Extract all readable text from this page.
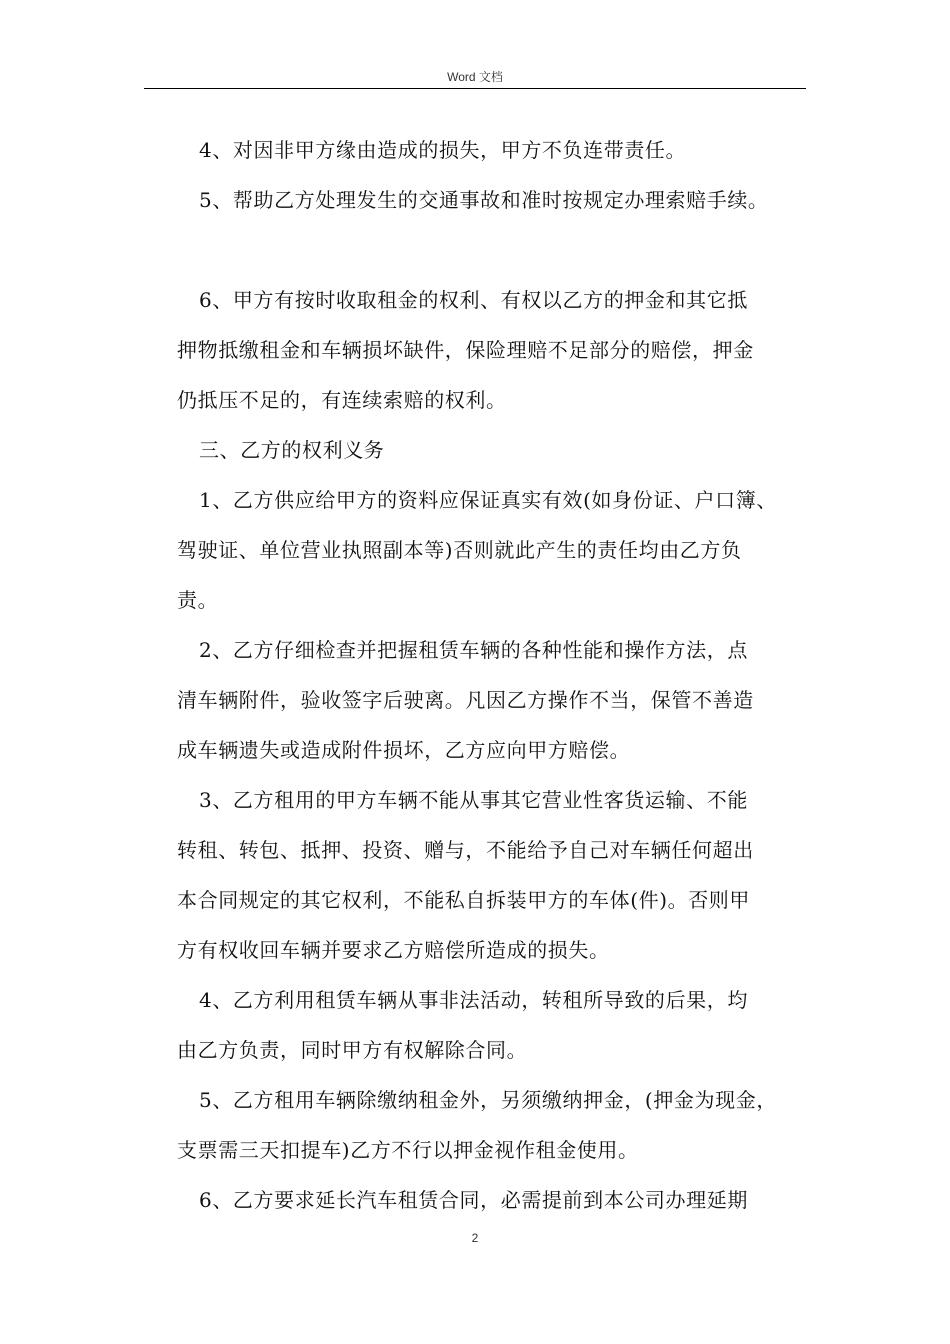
Word 文档
4、对因非甲方缘由造成的损失，甲方不负连带责任。
5、帮助乙方处理发生的交通事故和准时按规定办理索赔手续。
6、甲方有按时收取租金的权利、有权以乙方的押金和其它抵
押物抵缴租金和车辆损坏缺件，保险理赔不足部分的赔偿，押金
仍抵压不足的，有连续索赔的权利。
三、乙方的权利义务
1、乙方供应给甲方的资料应保证真实有效(如身份证、户口簿、
驾驶证、单位营业执照副本等)否则就此产生的责任均由乙方负
责。
2、乙方仔细检查并把握租赁车辆的各种性能和操作方法，点
清车辆附件，验收签字后驶离。凡因乙方操作不当，保管不善造
成车辆遗失或造成附件损坏，乙方应向甲方赔偿。
3、乙方租用的甲方车辆不能从事其它营业性客货运输、不能
转租、转包、抵押、投资、赠与，不能给予自己对车辆任何超出
本合同规定的其它权利，不能私自拆装甲方的车体(件)。否则甲
方有权收回车辆并要求乙方赔偿所造成的损失。
4、乙方利用租赁车辆从事非法活动，转租所导致的后果，均
由乙方负责，同时甲方有权解除合同。
5、乙方租用车辆除缴纳租金外，另须缴纳押金，(押金为现金，
支票需三天扣提车)乙方不行以押金视作租金使用。
6、乙方要求延长汽车租赁合同，必需提前到本公司办理延期
2
